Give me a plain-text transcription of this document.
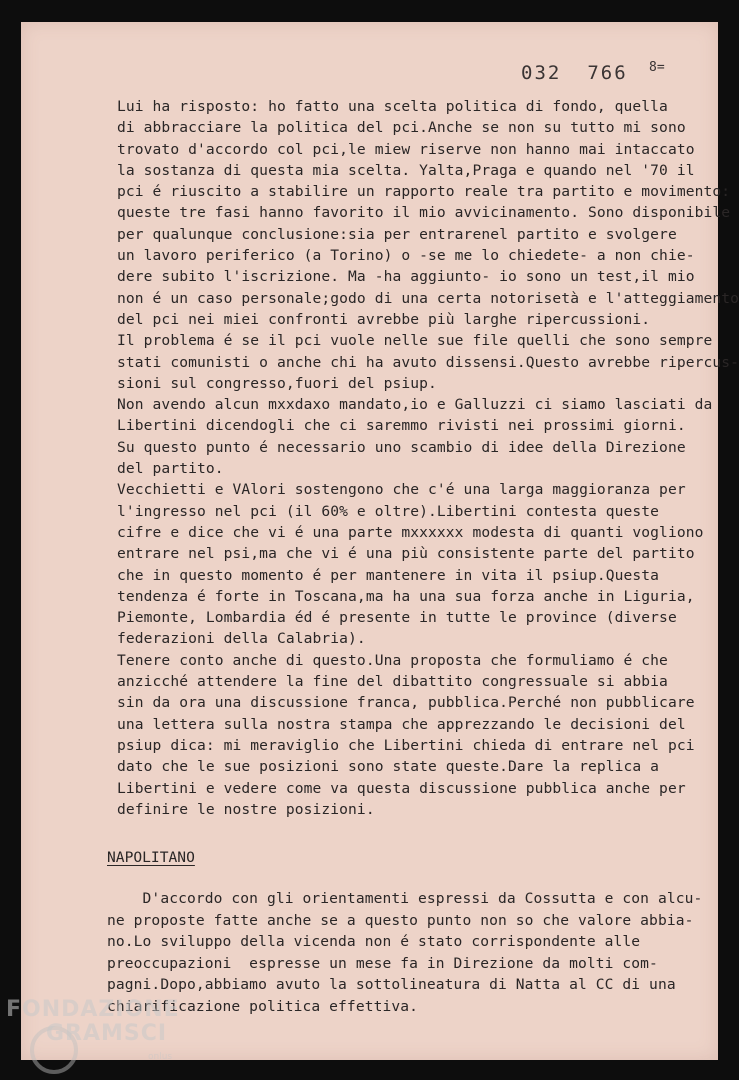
032 766 8=
Lui ha risposto: ho fatto una scelta politica di fondo, quella
di abbracciare la politica del pci.Anche se non su tutto mi sono
trovato d'accordo col pci,le miew riserve non hanno mai intaccato
la sostanza di questa mia scelta. Yalta,Praga e quando nel '70 il
pci é riuscito a stabilire un rapporto reale tra partito e movimento:
queste tre fasi hanno favorito il mio avvicinamento. Sono disponibile
per qualunque conclusione:sia per entrarenel partito e svolgere
un lavoro periferico (a Torino) o -se me lo chiedete- a non chie-
dere subito l'iscrizione. Ma -ha aggiunto- io sono un test,il mio
non é un caso personale;godo di una certa notorisetà e l'atteggiamento
del pci nei miei confronti avrebbe più larghe ripercussioni.
Il problema é se il pci vuole nelle sue file quelli che sono sempre
stati comunisti o anche chi ha avuto dissensi.Questo avrebbe ripercus-
sioni sul congresso,fuori del psiup.
Non avendo alcun mxxdaxo mandato,io e Galluzzi ci siamo lasciati da
Libertini dicendogli che ci saremmo rivisti nei prossimi giorni.
Su questo punto é necessario uno scambio di idee della Direzione
del partito.
Vecchietti e VAlori sostengono che c'é una larga maggioranza per
l'ingresso nel pci (il 60% e oltre).Libertini contesta queste
cifre e dice che vi é una parte mxxxxxx modesta di quanti vogliono
entrare nel psi,ma che vi é una più consistente parte del partito
che in questo momento é per mantenere in vita il psiup.Questa
tendenza é forte in Toscana,ma ha una sua forza anche in Liguria,
Piemonte, Lombardia éd é presente in tutte le province (diverse
federazioni della Calabria).
Tenere conto anche di questo.Una proposta che formuliamo é che
anzicché attendere la fine del dibattito congressuale si abbia
sin da ora una discussione franca, pubblica.Perché non pubblicare
una lettera sulla nostra stampa che apprezzando le decisioni del
psiup dica: mi meraviglio che Libertini chieda di entrare nel pci
dato che le sue posizioni sono state queste.Dare la replica a
Libertini e vedere come va questa discussione pubblica anche per
definire le nostre posizioni.
NAPOLITANO
D'accordo con gli orientamenti espressi da Cossutta e con alcu-
ne proposte fatte anche se a questo punto non so che valore abbia-
no.Lo sviluppo della vicenda non é stato corrispondente alle
preoccupazioni  espresse un mese fa in Direzione da molti com-
pagni.Dopo,abbiamo avuto la sottolineatura di Natta al CC di una
chiarificazione politica effettiva.
FONDAZIONE
GRAMSCI
onlus
